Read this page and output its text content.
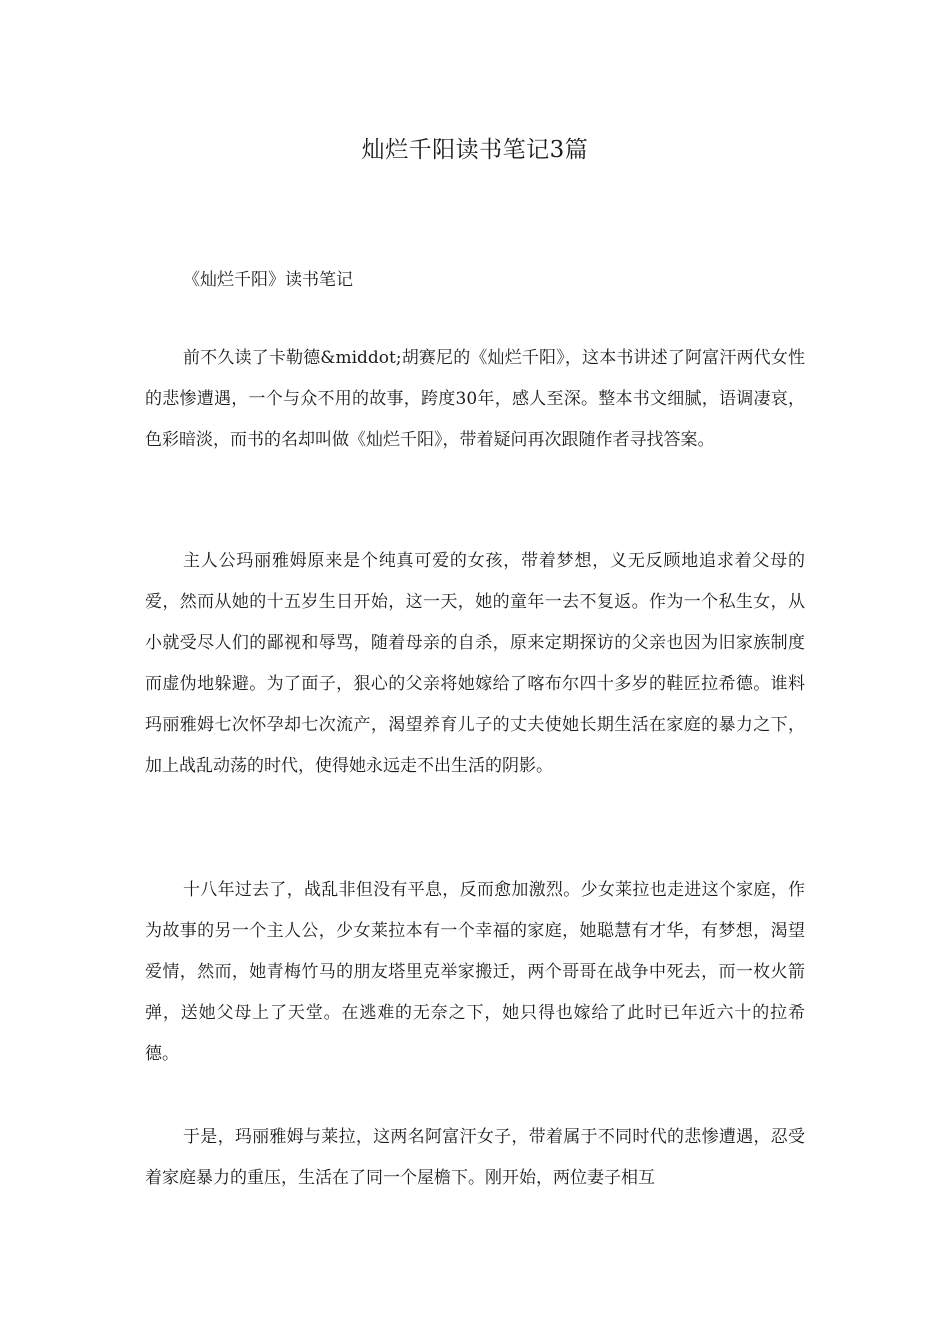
灿烂千阳读书笔记3篇

《灿烂千阳》读书笔记

前不久读了卡勒德&middot;胡赛尼的《灿烂千阳》，这本书讲述了阿富汗两代女性的悲惨遭遇，一个与众不用的故事，跨度30年，感人至深。整本书文细腻，语调凄哀，色彩暗淡，而书的名却叫做《灿烂千阳》，带着疑问再次跟随作者寻找答案。

主人公玛丽雅姆原来是个纯真可爱的女孩，带着梦想，义无反顾地追求着父母的爱，然而从她的十五岁生日开始，这一天，她的童年一去不复返。作为一个私生女，从小就受尽人们的鄙视和辱骂，随着母亲的自杀，原来定期探访的父亲也因为旧家族制度而虚伪地躲避。为了面子，狠心的父亲将她嫁给了喀布尔四十多岁的鞋匠拉希德。谁料玛丽雅姆七次怀孕却七次流产，渴望养育儿子的丈夫使她长期生活在家庭的暴力之下，加上战乱动荡的时代，使得她永远走不出生活的阴影。

十八年过去了，战乱非但没有平息，反而愈加激烈。少女莱拉也走进这个家庭，作为故事的另一个主人公，少女莱拉本有一个幸福的家庭，她聪慧有才华，有梦想，渴望爱情，然而，她青梅竹马的朋友塔里克举家搬迁，两个哥哥在战争中死去，而一枚火箭弹，送她父母上了天堂。在逃难的无奈之下，她只得也嫁给了此时已年近六十的拉希德。

于是，玛丽雅姆与莱拉，这两名阿富汗女子，带着属于不同时代的悲惨遭遇，忍受着家庭暴力的重压，生活在了同一个屋檐下。刚开始，两位妻子相互
